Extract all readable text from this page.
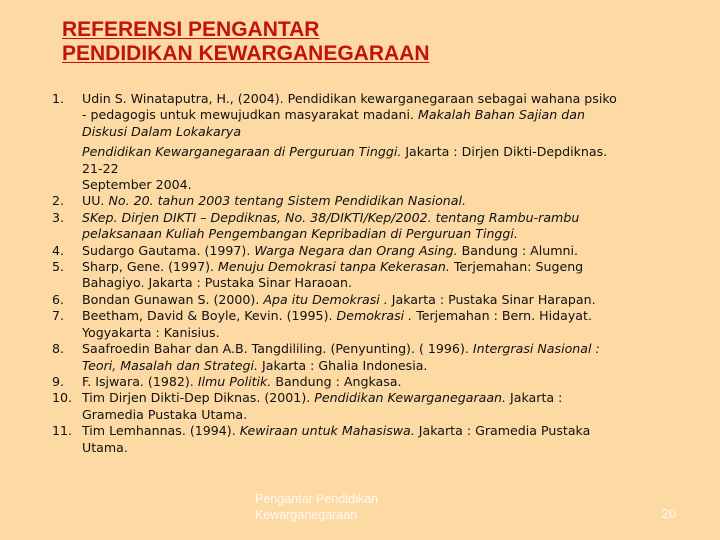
REFERENSI PENGANTAR
PENDIDIKAN KEWARGANEGARAAN
1.	Udin S. Winataputra, H., (2004). Pendidikan kewarganegaraan sebagai wahana psiko
- pedagogis untuk mewujudkan masyarakat madani. Makalah Bahan Sajian dan
Diskusi Dalam Lokakarya
Pendidikan Kewarganegaraan di Perguruan Tinggi. Jakarta : Dirjen Dikti-Depdiknas.
21-22
September 2004.
2.	UU. No. 20. tahun 2003 tentang Sistem Pendidikan Nasional.
3.	SKep. Dirjen DIKTI – Depdiknas, No. 38/DIKTI/Kep/2002. tentang Rambu-rambu
pelaksanaan Kuliah Pengembangan Kepribadian di Perguruan Tinggi.
4.	Sudargo Gautama. (1997). Warga Negara dan Orang Asing. Bandung : Alumni.
5.	Sharp, Gene. (1997). Menuju Demokrasi tanpa Kekerasan. Terjemahan: Sugeng
Bahagiyo. Jakarta : Pustaka Sinar Haraoan.
6.	Bondan Gunawan S. (2000). Apa itu Demokrasi . Jakarta : Pustaka Sinar Harapan.
7.	Beetham, David & Boyle, Kevin. (1995). Demokrasi . Terjemahan : Bern. Hidayat.
Yogyakarta : Kanisius.
8.	Saafroedin Bahar dan A.B. Tangdililing. (Penyunting). ( 1996). Intergrasi Nasional :
Teori, Masalah dan Strategi. Jakarta : Ghalia Indonesia.
9.	F. Isjwara. (1982). Ilmu Politik. Bandung : Angkasa.
10. Tim Dirjen Dikti-Dep Diknas. (2001). Pendidikan Kewarganegaraan. Jakarta :
Gramedia Pustaka Utama.
11. Tim Lemhannas. (1994). Kewiraan untuk Mahasiswa. Jakarta : Gramedia Pustaka
Utama.
Pengantar Pendidikan
Kewarganegaraan	20
